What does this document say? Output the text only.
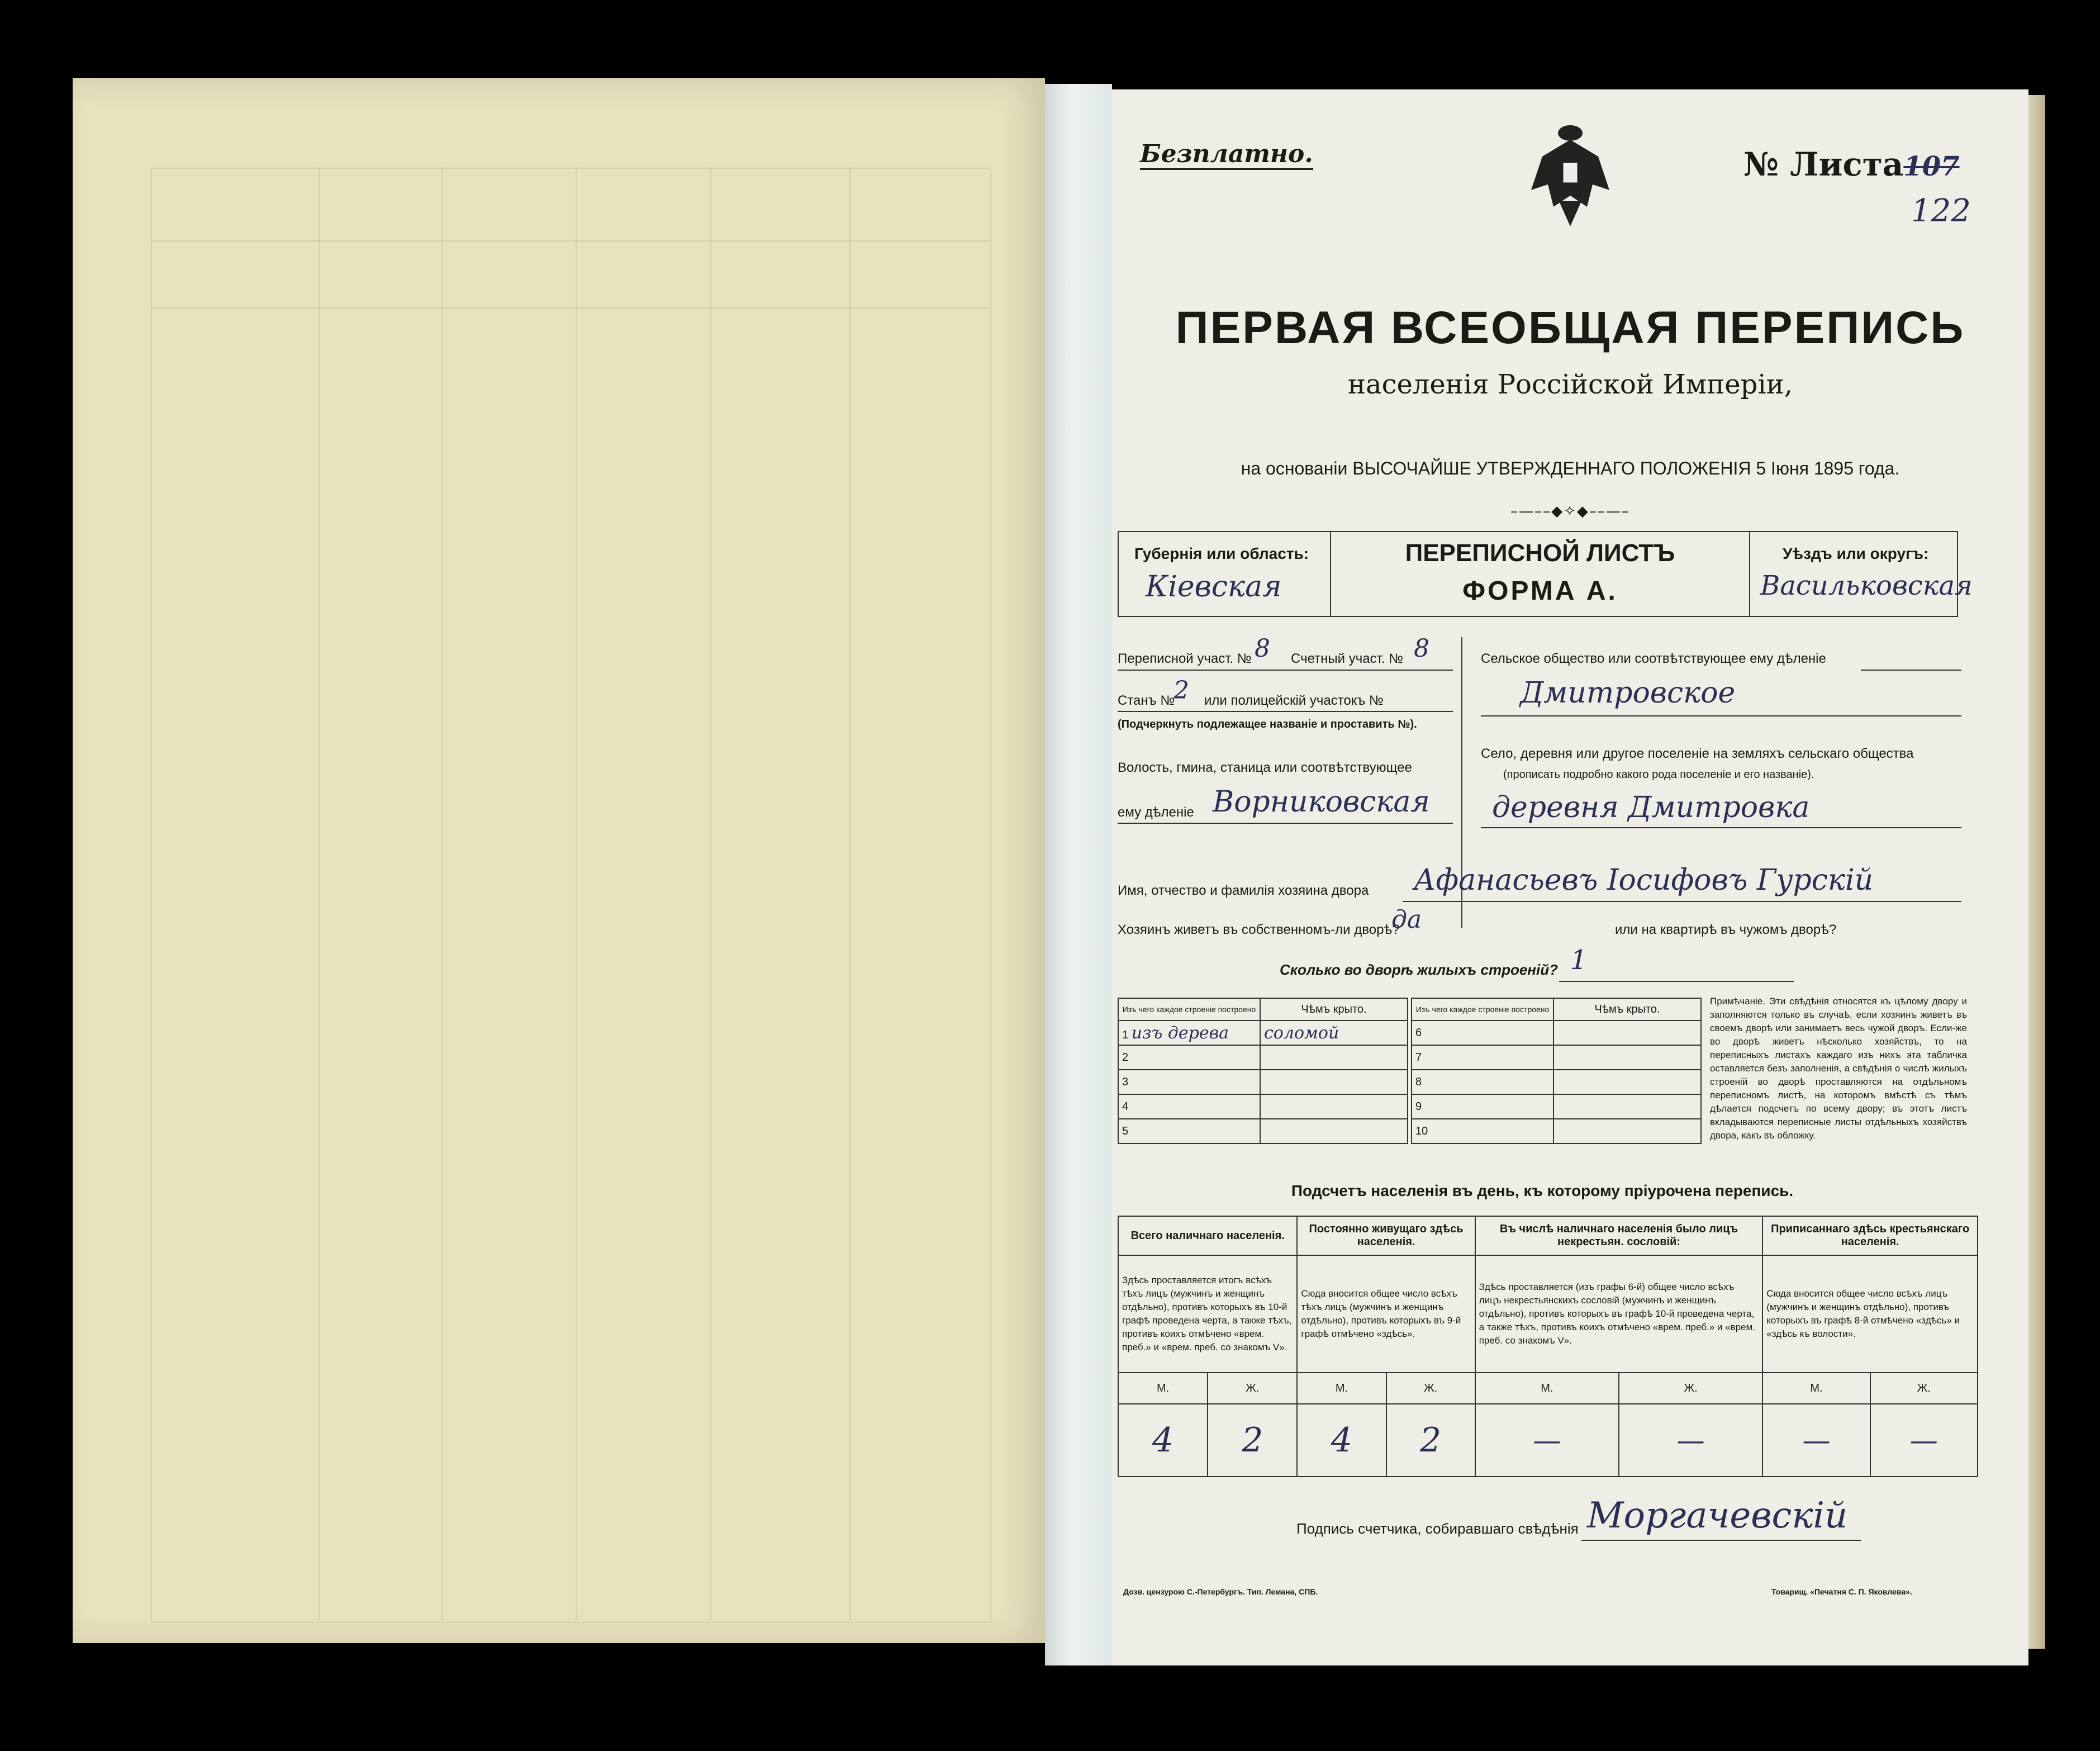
Безплатно.	№ Листа107
122
ПЕРВАЯ ВСЕОБЩАЯ ПЕРЕПИСЬ
населенія Россійской Имперіи,
на основаніи ВЫСОЧАЙШЕ УТВЕРЖДЕННАГО ПОЛОЖЕНІЯ 5 Іюня 1895 года.
–—––◆✧◆––—–
Губернія или область:
Кіевская
ПЕРЕПИСНОЙ ЛИСТЪ
ФОРМА А.
Уѣздъ или округъ:
Васильковская
Переписной участ. № 8 Счетный участ. № 8
Станъ №
2 или полицейскій участокъ №
(Подчеркнуть подлежащее названіе и проставить №).
Волость, гмина, станица или соотвѣтствующее
ему дѣленіе Ворниковская
Сельское общество или соотвѣтствующее ему дѣленіе
Дмитровское
Село, деревня или другое поселеніе на земляхъ сельскаго общества
(прописать подробно какого рода поселеніе и его названіе).
деревня Дмитровка
Имя, отчество и фамилія хозяина двора Афанасьевъ Іосифовъ Гурскій
Хозяинъ живетъ въ собственномъ-ли дворѣ?
да	или на квартирѣ въ чужомъ дворѣ?
Сколько во дворѣ жилыхъ строеній? 1
Изъ чего каждое строеніе построено	Чѣмъ крыто.
1 изъ дерева	соломой
2	
3	
4	
5	
Изъ чего каждое строеніе построено	Чѣмъ крыто.
6	
7	
8	
9	
10	
Примѣчаніе. Эти свѣдѣнія относятся къ цѣлому двору и заполняются только въ случаѣ, если хозяинъ живетъ въ своемъ дворѣ или занимаетъ весь чужой дворъ. Если-же во дворѣ живетъ нѣсколько хозяйствъ, то на переписныхъ листахъ каждаго изъ нихъ эта табличка оставляется безъ заполненія, а свѣдѣнія о числѣ жилыхъ строеній во дворѣ проставляются на отдѣльномъ переписномъ листѣ, на которомъ вмѣстѣ съ тѣмъ дѣлается подсчетъ по всему двору; въ этотъ листъ вкладываются переписные листы отдѣльныхъ хозяйствъ двора, какъ въ обложку.
Подсчетъ населенія въ день, къ которому пріурочена перепись.
Всего наличнаго населенія.		Постоянно живущаго здѣсь населенія.		Въ числѣ наличнаго населенія было лицъ некрестьян. сословій:		Приписаннаго здѣсь крестьянскаго населенія.	
Здѣсь проставляется итогъ всѣхъ тѣхъ лицъ (мужчинъ и женщинъ отдѣльно), противъ которыхъ въ 10-й графѣ проведена черта, а также тѣхъ, противъ коихъ отмѣчено «врем. преб.» и «врем. преб. со знакомъ V».		Сюда вносится общее число всѣхъ тѣхъ лицъ (мужчинъ и женщинъ отдѣльно), противъ которыхъ въ 9-й графѣ отмѣчено «здѣсь».		Здѣсь проставляется (изъ графы 6-й) общее число всѣхъ лицъ некрестьянскихъ сословій (мужчинъ и женщинъ отдѣльно), противъ которыхъ въ графѣ 10-й проведена черта, а также тѣхъ, противъ коихъ отмѣчено «врем. преб.» и «врем. преб. со знакомъ V».		Сюда вносится общее число всѣхъ лицъ (мужчинъ и женщинъ отдѣльно), противъ которыхъ въ графѣ 8-й отмѣчено «здѣсь» и «здѣсь къ волости».	
М.	Ж.	М.	Ж.	М.	Ж.	М.	Ж.
4	2	4	2	—	—	—	—
Подпись счетчика, собиравшаго свѣдѣнія Моргачевскій
Дозв. цензурою С.-Петербургъ. Тип. Лемана, СПБ.	Товарищ. «Печатня С. П. Яковлева».
